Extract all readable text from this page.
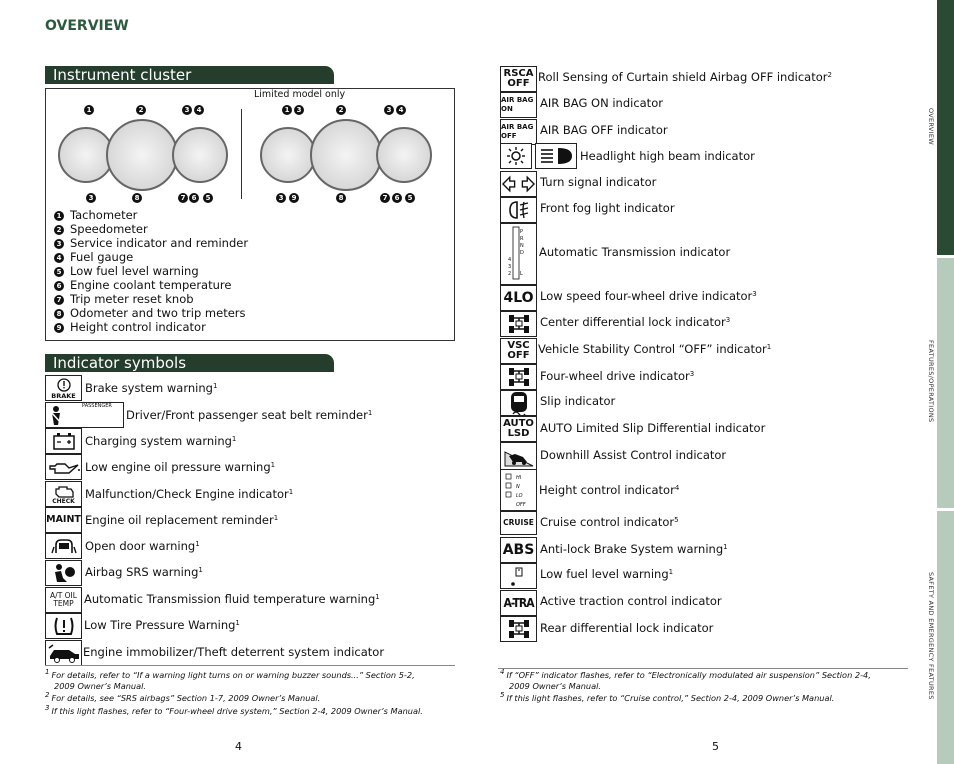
OVERVIEW
Instrument cluster
Limited model only
1	2	3	4
3	8	7 6	5
1	3	2	3	4
3	9	8	7	6	5
1 Tachometer
2 Speedometer
3 Service indicator and reminder
4 Fuel gauge
5 Low fuel level warning
6 Engine coolant temperature
7 Trip meter reset knob
8 Odometer and two trip meters
9 Height control indicator
Indicator symbols
BRAKE
Brake system warning$^1$
PASSENGER
Driver/Front passenger seat belt reminder$^1$
Charging system warning$^1$
Low engine oil pressure warning$^1$
CHECK Malfunction/Check Engine indicator$^1$
MAINT Engine oil replacement reminder$^1$
Open door warning$^1$
Airbag SRS warning$^1$
A/T OIL TEMP Automatic Transmission fluid temperature warning$^1$
Low Tire Pressure Warning$^1$
Engine immobilizer/Theft deterrent system indicator
RSCA OFF Roll Sensing of Curtain shield Airbag OFF indicator$^2$
AIR BAG ON	AIR BAG ON indicator
AIR BAG OFF	AIR BAG OFF indicator
Headlight high beam indicator
Turn signal indicator
Front fog light indicator
P
R
N
D
4
3
2 L
Automatic Transmission indicator
4LO Low speed four-wheel drive indicator$^3$
Center differential lock indicator$^3$
VSC OFF Vehicle Stability Control “OFF” indicator$^1$
Four-wheel drive indicator$^3$
Slip indicator
AUTO LSD AUTO Limited Slip Differential indicator
Downhill Assist Control indicator
HI
N
LO
OFF
Height control indicator$^4$
CRUISE Cruise control indicator$^5$
ABS Anti-lock Brake System warning$^1$
Low fuel level warning$^1$
A-TRA Active traction control indicator
Rear differential lock indicator
$^1$ For details, refer to “If a warning light turns on or warning buzzer sounds...” Section 5-2,
2009 Owner’s Manual.
$^2$ For details, see “SRS airbags” Section 1-7, 2009 Owner’s Manual.
$^3$ If this light flashes, refer to “Four-wheel drive system,” Section 2-4, 2009 Owner’s Manual.
$^4$ If “OFF” indicator flashes, refer to “Electronically modulated air suspension” Section 2-4,
2009 Owner’s Manual.
$^5$ If this light flashes, refer to “Cruise control,” Section 2-4, 2009 Owner’s Manual.
4	5
OVERVIEW
FEATURES/OPERATIONS
SAFETY AND EMERGENCY FEATURES
